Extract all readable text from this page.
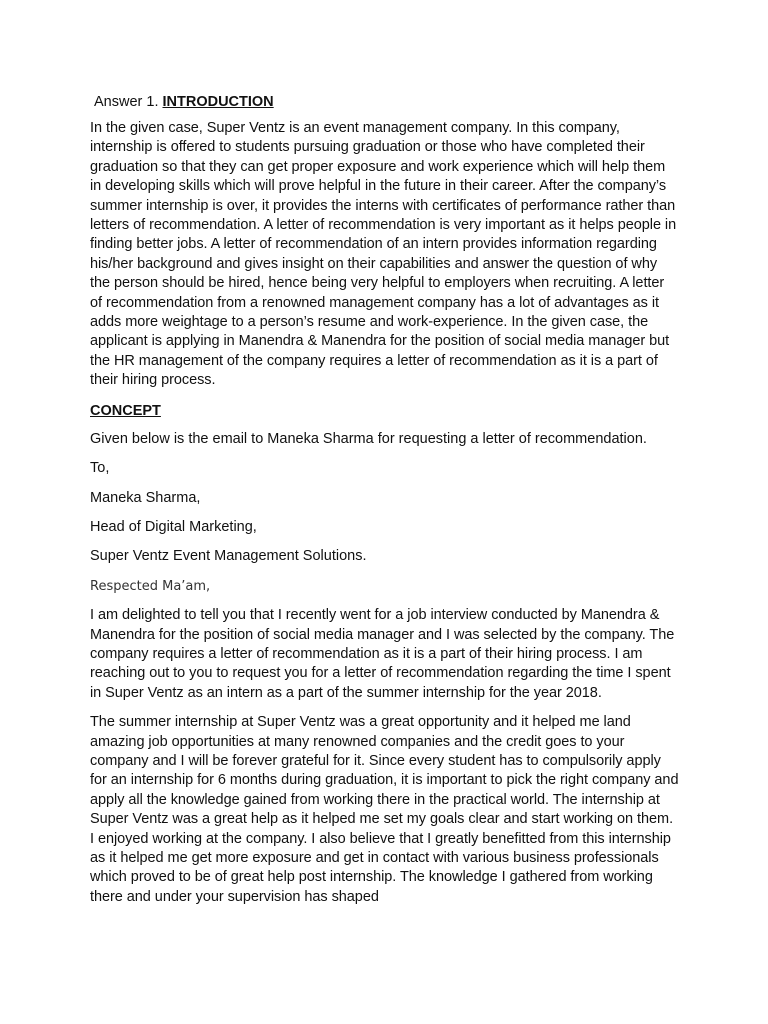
Answer 1. INTRODUCTION

In the given case, Super Ventz is an event management company. In this company, internship is offered to students pursuing graduation or those who have completed their graduation so that they can get proper exposure and work experience which will help them in developing skills which will prove helpful in the future in their career. After the company’s summer internship is over, it provides the interns with certificates of performance rather than letters of recommendation. A letter of recommendation is very important as it helps people in finding better jobs. A letter of recommendation of an intern provides information regarding his/her background and gives insight on their capabilities and answer the question of why the person should be hired, hence being very helpful to employers when recruiting. A letter of recommendation from a renowned management company has a lot of advantages as it adds more weightage to a person’s resume and work-experience. In the given case, the applicant is applying in Manendra & Manendra for the position of social media manager but the HR management of the company requires a letter of recommendation as it is a part of their hiring process.

CONCEPT
Given below is the email to Maneka Sharma for requesting a letter of recommendation.
To,
Maneka Sharma,
Head of Digital Marketing,
Super Ventz Event Management Solutions.
Respected Ma’am,

I am delighted to tell you that I recently went for a job interview conducted by Manendra & Manendra for the position of social media manager and I was selected by the company. The company requires a letter of recommendation as it is a part of their hiring process. I am reaching out to you to request you for a letter of recommendation regarding the time I spent in Super Ventz as an intern as a part of the summer internship for the year 2018.

The summer internship at Super Ventz was a great opportunity and it helped me land amazing job opportunities at many renowned companies and the credit goes to your company and I will be forever grateful for it. Since every student has to compulsorily apply for an internship for 6 months during graduation, it is important to pick the right company and apply all the knowledge gained from working there in the practical world. The internship at Super Ventz was a great help as it helped me set my goals clear and start working on them. I enjoyed working at the company. I also believe that I greatly benefitted from this internship as it helped me get more exposure and get in contact with various business professionals which proved to be of great help post internship. The knowledge I gathered from working there and under your supervision has shaped
